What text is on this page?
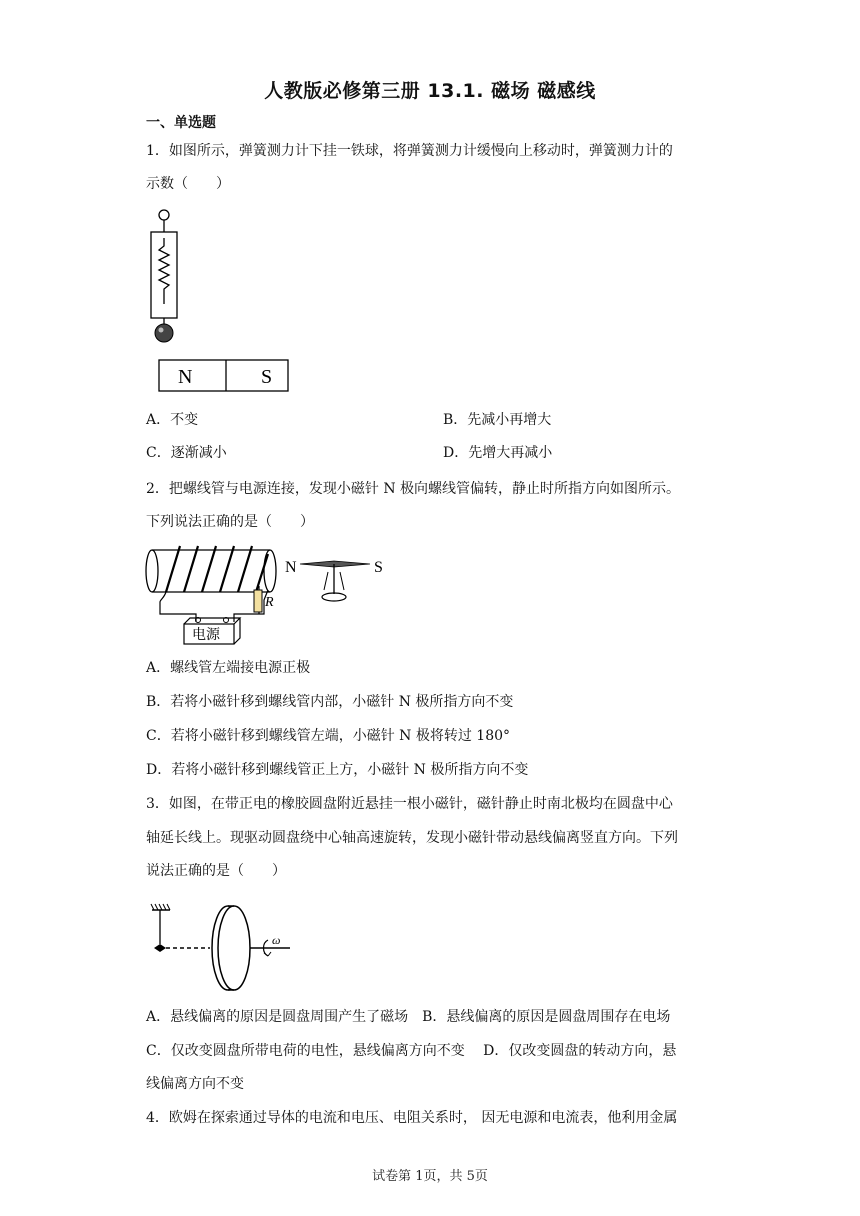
人教版必修第三册 13.1. 磁场 磁感线
一、单选题
1．如图所示，弹簧测力计下挂一铁球，将弹簧测力计缓慢向上移动时，弹簧测力计的
示数（　　）
N	S
A．不变	B．先减小再增大
C．逐渐减小	D．先增大再减小
2．把螺线管与电源连接，发现小磁针 N 极向螺线管偏转，静止时所指方向如图所示。
下列说法正确的是（　　）
R
电源
N	S
A．螺线管左端接电源正极
B．若将小磁针移到螺线管内部，小磁针 N 极所指方向不变
C．若将小磁针移到螺线管左端，小磁针 N 极将转过 180°
D．若将小磁针移到螺线管正上方，小磁针 N 极所指方向不变
3．如图，在带正电的橡胶圆盘附近悬挂一根小磁针，磁针静止时南北极均在圆盘中心
轴延长线上。现驱动圆盘绕中心轴高速旋转，发现小磁针带动悬线偏离竖直方向。下列
说法正确的是（　　）
ω
A．悬线偏离的原因是圆盘周围产生了磁场　B．悬线偏离的原因是圆盘周围存在电场
C．仅改变圆盘所带电荷的电性，悬线偏离方向不变　 D．仅改变圆盘的转动方向，悬
线偏离方向不变
4．欧姆在探索通过导体的电流和电压、电阻关系时， 因无电源和电流表，他利用金属
试卷第 1页，共 5页
